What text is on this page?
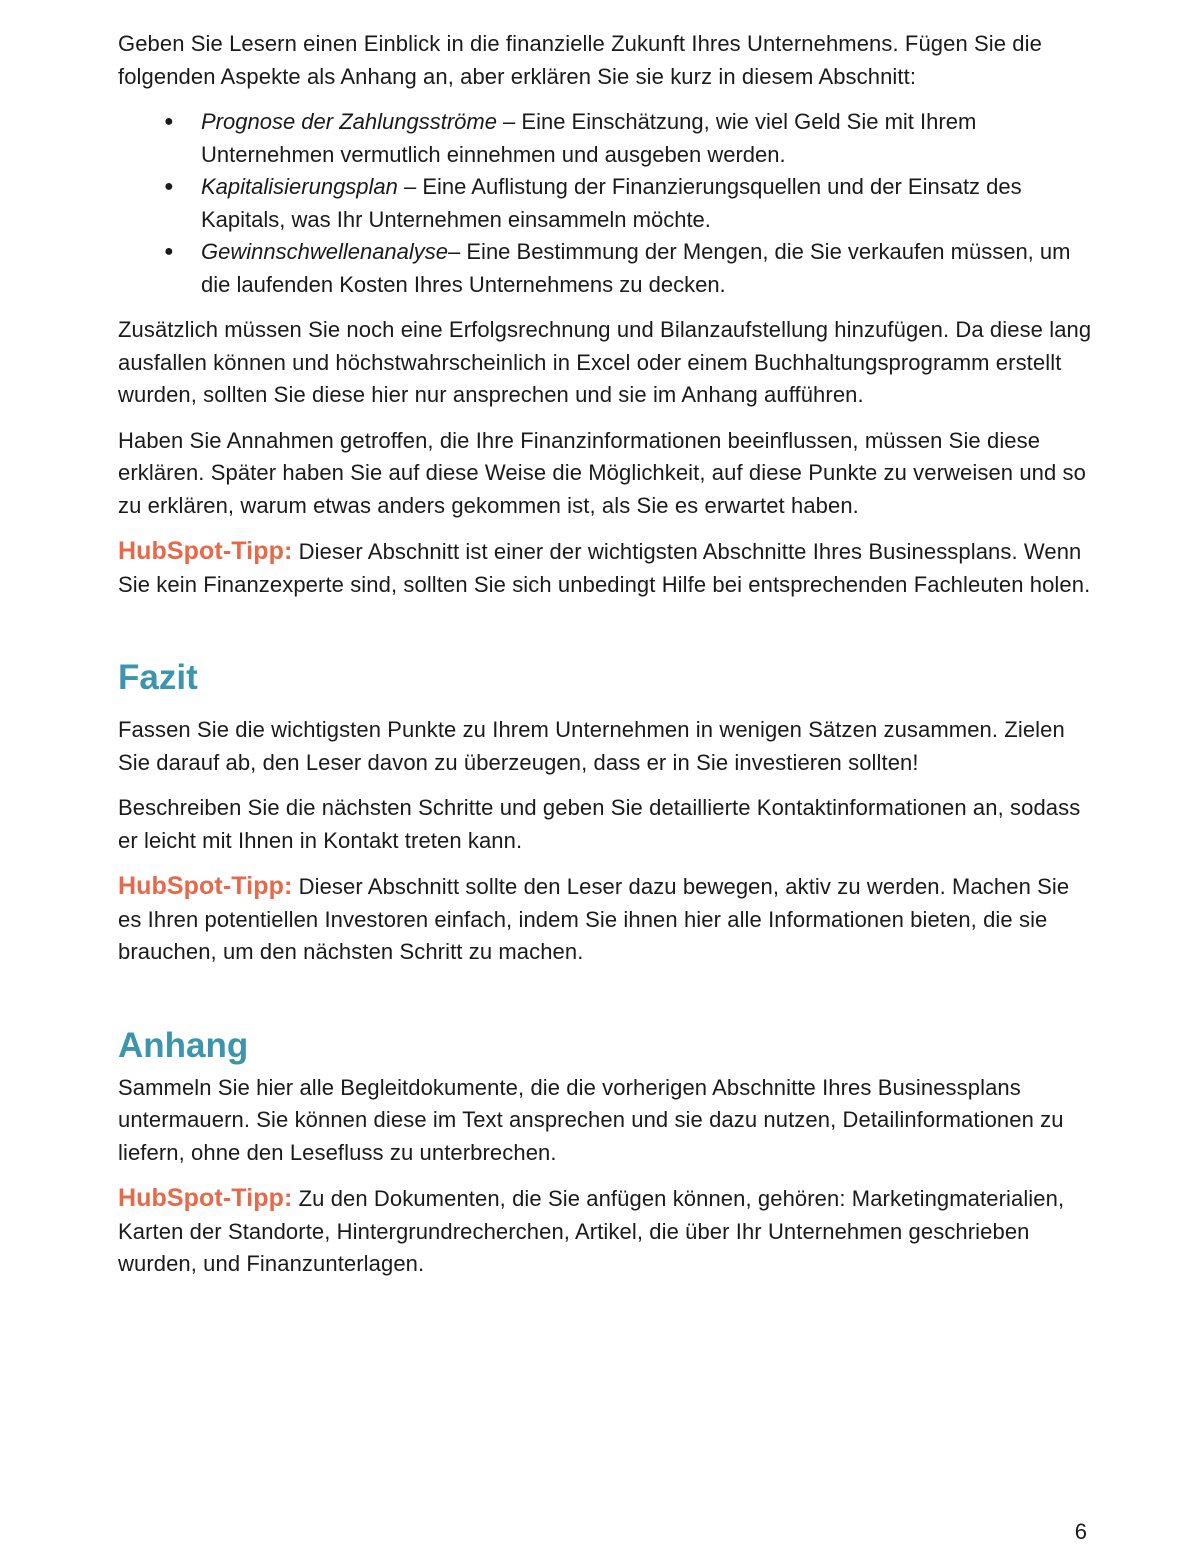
Geben Sie Lesern einen Einblick in die finanzielle Zukunft Ihres Unternehmens. Fügen Sie die folgenden Aspekte als Anhang an, aber erklären Sie sie kurz in diesem Abschnitt:

● Prognose der Zahlungsströme – Eine Einschätzung, wie viel Geld Sie mit Ihrem Unternehmen vermutlich einnehmen und ausgeben werden.
● Kapitalisierungsplan – Eine Auflistung der Finanzierungsquellen und der Einsatz des Kapitals, was Ihr Unternehmen einsammeln möchte.
● Gewinnschwellenanalyse– Eine Bestimmung der Mengen, die Sie verkaufen müssen, um die laufenden Kosten Ihres Unternehmens zu decken.

Zusätzlich müssen Sie noch eine Erfolgsrechnung und Bilanzaufstellung hinzufügen. Da diese lang ausfallen können und höchstwahrscheinlich in Excel oder einem Buchhaltungsprogramm erstellt wurden, sollten Sie diese hier nur ansprechen und sie im Anhang aufführen.

Haben Sie Annahmen getroffen, die Ihre Finanzinformationen beeinflussen, müssen Sie diese erklären. Später haben Sie auf diese Weise die Möglichkeit, auf diese Punkte zu verweisen und so zu erklären, warum etwas anders gekommen ist, als Sie es erwartet haben.

HubSpot-Tipp: Dieser Abschnitt ist einer der wichtigsten Abschnitte Ihres Businessplans. Wenn Sie kein Finanzexperte sind, sollten Sie sich unbedingt Hilfe bei entsprechenden Fachleuten holen.

Fazit

Fassen Sie die wichtigsten Punkte zu Ihrem Unternehmen in wenigen Sätzen zusammen. Zielen Sie darauf ab, den Leser davon zu überzeugen, dass er in Sie investieren sollten!

Beschreiben Sie die nächsten Schritte und geben Sie detaillierte Kontaktinformationen an, sodass er leicht mit Ihnen in Kontakt treten kann.

HubSpot-Tipp: Dieser Abschnitt sollte den Leser dazu bewegen, aktiv zu werden. Machen Sie es Ihren potentiellen Investoren einfach, indem Sie ihnen hier alle Informationen bieten, die sie brauchen, um den nächsten Schritt zu machen.

Anhang

Sammeln Sie hier alle Begleitdokumente, die die vorherigen Abschnitte Ihres Businessplans untermauern. Sie können diese im Text ansprechen und sie dazu nutzen, Detailinformationen zu liefern, ohne den Lesefluss zu unterbrechen.

HubSpot-Tipp: Zu den Dokumenten, die Sie anfügen können, gehören: Marketingmaterialien, Karten der Standorte, Hintergrundrecherchen, Artikel, die über Ihr Unternehmen geschrieben wurden, und Finanzunterlagen.

6
